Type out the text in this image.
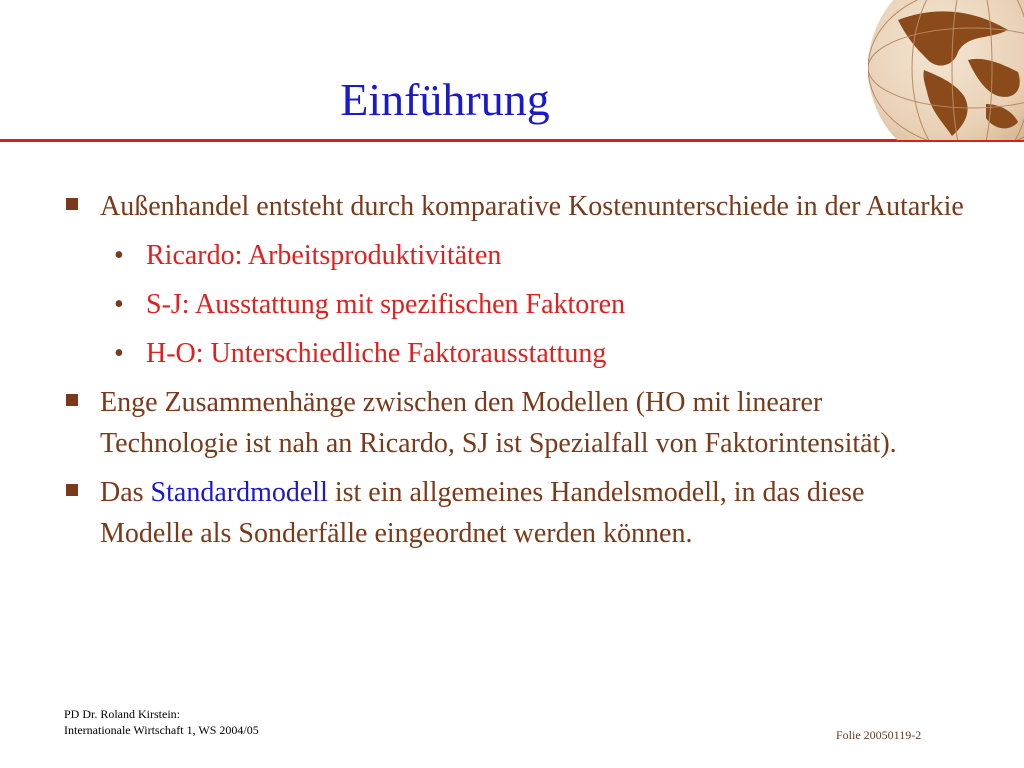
Einführung
Außenhandel entsteht durch komparative Kostenunterschiede in der Autarkie
• Ricardo: Arbeitsproduktivitäten
• S-J: Ausstattung mit spezifischen Faktoren
• H-O: Unterschiedliche Faktorausstattung
Enge Zusammenhänge zwischen den Modellen (HO mit linearer Technologie ist nah an Ricardo, SJ ist Spezialfall von Faktorintensität).
Das Standardmodell ist ein allgemeines Handelsmodell, in das diese Modelle als Sonderfälle eingeordnet werden können.
PD Dr. Roland Kirstein:
Internationale Wirtschaft 1, WS 2004/05	Folie 20050119-2
